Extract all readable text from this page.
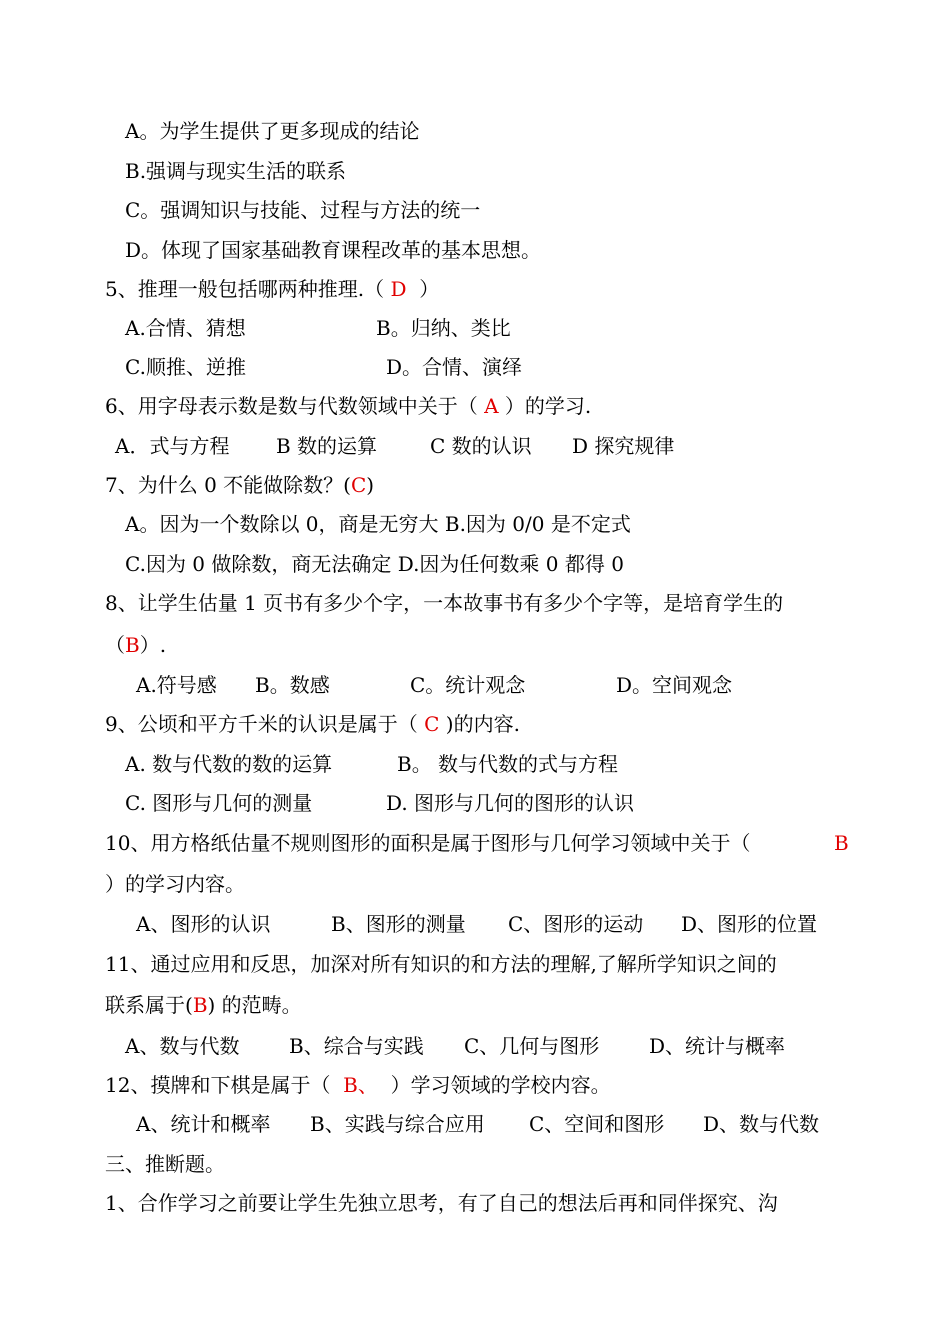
A。为学生提供了更多现成的结论
B.强调与现实生活的联系
C。强调知识与技能、过程与方法的统一
D。体现了国家基础教育课程改革的基本思想。
5、推理一般包括哪两种推理.（ D  ）
A.合情、猜想	B。归纳、类比
C.顺推、逆推	D。合情、演绎
6、用字母表示数是数与代数领域中关于（ A ）的学习.
A．式与方程 B 数的运算	C 数的认识 D 探究规律
7、为什么 0 不能做除数？(C)
A。因为一个数除以 0，商是无穷大 B.因为 0/0 是不定式
C.因为 0 做除数，商无法确定 D.因为任何数乘 0 都得 0
8、让学生估量 1 页书有多少个字，一本故事书有多少个字等，是培育学生的
（B）.
A.符号感 B。数感	C。统计观念	D。空间观念
9、公顷和平方千米的认识是属于（ C )的内容.
A. 数与代数的数的运算	B。 数与代数的式与方程
C. 图形与几何的测量	D. 图形与几何的图形的认识
10、用方格纸估量不规则图形的面积是属于图形与几何学习领域中关于（	B
）的学习内容。
A、图形的认识	B、图形的测量 C、图形的运动 D、图形的位置
11、通过应用和反思，加深对所有知识的和方法的理解,了解所学知识之间的
联系属于(B) 的范畴。
A、数与代数 B、综合与实践 C、几何与图形 D、统计与概率
12、摸牌和下棋是属于（  B、  ）学习领域的学校内容。
A、统计和概率 B、实践与综合应用 C、空间和图形 D、数与代数
三、推断题。
1、合作学习之前要让学生先独立思考，有了自己的想法后再和同伴探究、沟
